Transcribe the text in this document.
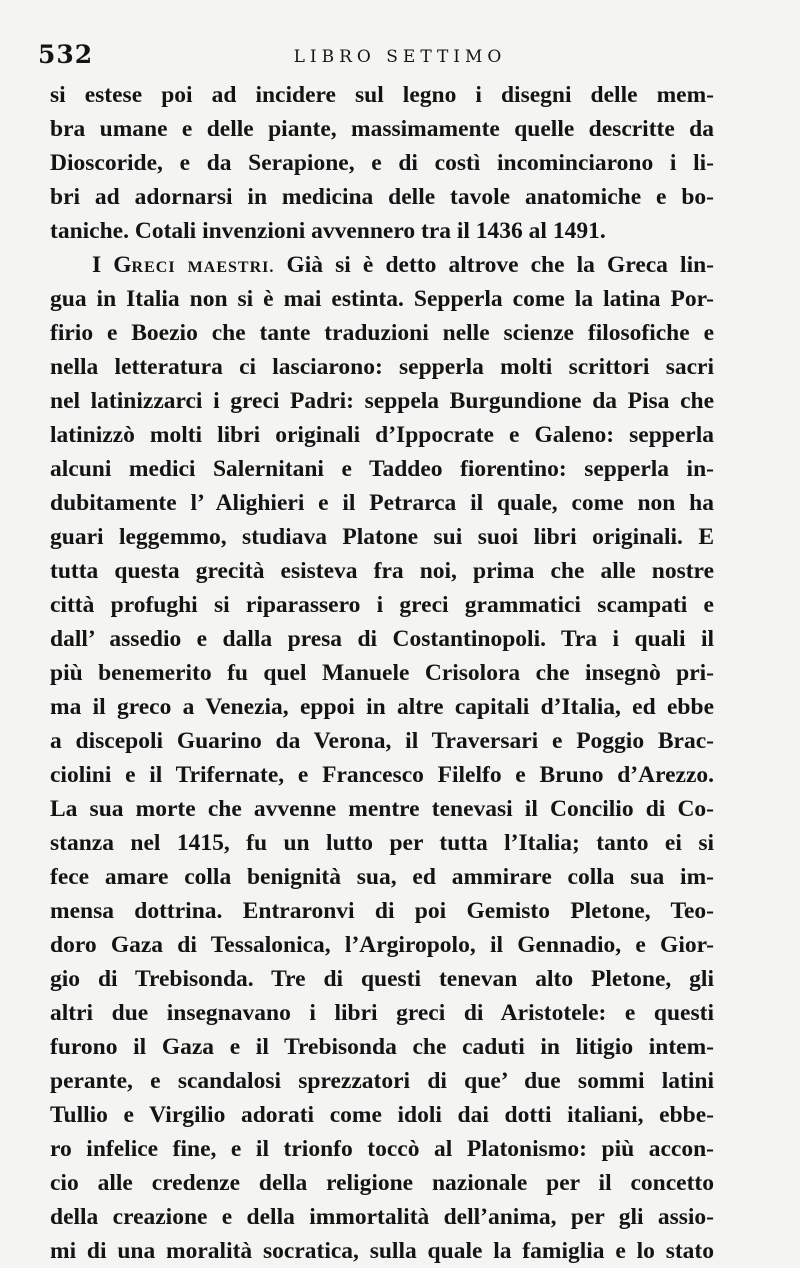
532	LIBRO SETTIMO
si estese poi ad incidere sul legno i disegni delle mem-
bra umane e delle piante, massimamente quelle descritte da
Dioscoride, e da Serapione, e di costì incominciarono i li-
bri ad adornarsi in medicina delle tavole anatomiche e bo-
taniche. Cotali invenzioni avvennero tra il 1436 al 1491.
I GRECI MAESTRI. Già si è detto altrove che la Greca lin-
gua in Italia non si è mai estinta. Sepperla come la latina Por-
firio e Boezio che tante traduzioni nelle scienze filosofiche e
nella letteratura ci lasciarono: sepperla molti scrittori sacri
nel latinizzarci i greci Padri: seppela Burgundione da Pisa che
latinizzò molti libri originali d’Ippocrate e Galeno: sepperla
alcuni medici Salernitani e Taddeo fiorentino: sepperla in-
dubitamente l’ Alighieri e il Petrarca il quale, come non ha
guari leggemmo, studiava Platone sui suoi libri originali. E
tutta questa grecità esisteva fra noi, prima che alle nostre
città profughi si riparassero i greci grammatici scampati e
dall’ assedio e dalla presa di Costantinopoli. Tra i quali il
più benemerito fu quel Manuele Crisolora che insegnò pri-
ma il greco a Venezia, eppoi in altre capitali d’Italia, ed ebbe
a discepoli Guarino da Verona, il Traversari e Poggio Brac-
ciolini e il Trifernate, e Francesco Filelfo e Bruno d’Arezzo.
La sua morte che avvenne mentre tenevasi il Concilio di Co-
stanza nel 1415, fu un lutto per tutta l’Italia; tanto ei si
fece amare colla benignità sua, ed ammirare colla sua im-
mensa dottrina. Entraronvi di poi Gemisto Pletone, Teo-
doro Gaza di Tessalonica, l’Argiropolo, il Gennadio, e Gior-
gio di Trebisonda. Tre di questi tenevan alto Pletone, gli
altri due insegnavano i libri greci di Aristotele: e questi
furono il Gaza e il Trebisonda che caduti in litigio intem-
perante, e scandalosi sprezzatori di que’ due sommi latini
Tullio e Virgilio adorati come idoli dai dotti italiani, ebbe-
ro infelice fine, e il trionfo toccò al Platonismo: più accon-
cio alle credenze della religione nazionale per il concetto
della creazione e della immortalità dell’anima, per gli assio-
mi di una moralità socratica, sulla quale la famiglia e lo stato
